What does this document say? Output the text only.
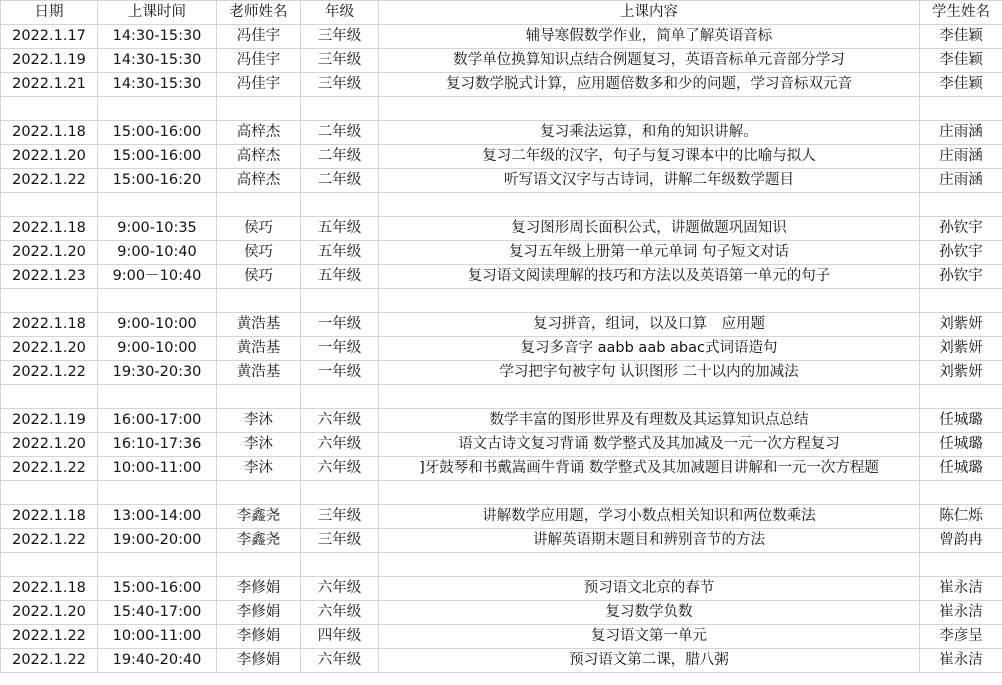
日期	上课时间	老师姓名	年级	上课内容	学生姓名
2022.1.17	14:30-15:30	冯佳宇	三年级	辅导寒假数学作业，简单了解英语音标	李佳颖
2022.1.19	14:30-15:30	冯佳宇	三年级	数学单位换算知识点结合例题复习，英语音标单元音部分学习	李佳颖
2022.1.21	14:30-15:30	冯佳宇	三年级	复习数学脱式计算，应用题倍数多和少的问题，学习音标双元音	李佳颖

2022.1.18	15:00-16:00	高梓杰	二年级	复习乘法运算，和角的知识讲解。	庄雨涵
2022.1.20	15:00-16:00	高梓杰	二年级	复习二年级的汉字，句子与复习课本中的比喻与拟人	庄雨涵
2022.1.22	15:00-16:20	高梓杰	二年级	听写语文汉字与古诗词，讲解二年级数学题目	庄雨涵

2022.1.18	9:00-10:35	侯巧	五年级	复习图形周长面积公式，讲题做题巩固知识	孙钦宇
2022.1.20	9:00-10:40	侯巧	五年级	复习五年级上册第一单元单词 句子短文对话	孙钦宇
2022.1.23	9:00－10:40	侯巧	五年级	复习语文阅读理解的技巧和方法以及英语第一单元的句子	孙钦宇

2022.1.18	9:00-10:00	黄浩基	一年级	复习拼音，组词，以及口算　应用题	刘紫妍
2022.1.20	9:00-10:00	黄浩基	一年级	复习多音字 aabb aab abac式词语造句	刘紫妍
2022.1.22	19:30-20:30	黄浩基	一年级	学习把字句被字句 认识图形 二十以内的加减法	刘紫妍

2022.1.19	16:00-17:00	李沐	六年级	数学丰富的图形世界及有理数及其运算知识点总结	任城璐
2022.1.20	16:10-17:36	李沐	六年级	语文古诗文复习背诵 数学整式及其加减及一元一次方程复习	任城璐
2022.1.22	10:00-11:00	李沐	六年级	]牙鼓琴和书戴嵩画牛背诵 数学整式及其加减题目讲解和一元一次方程题	任城璐

2022.1.18	13:00-14:00	李鑫尧	三年级	讲解数学应用题，学习小数点相关知识和两位数乘法	陈仁烁
2022.1.22	19:00-20:00	李鑫尧	三年级	讲解英语期末题目和辨别音节的方法	曾韵冉

2022.1.18	15:00-16:00	李修娟	六年级	预习语文北京的春节	崔永洁
2022.1.20	15:40-17:00	李修娟	六年级	复习数学负数	崔永洁
2022.1.22	10:00-11:00	李修娟	四年级	复习语文第一单元	李彦呈
2022.1.22	19:40-20:40	李修娟	六年级	预习语文第二课，腊八粥	崔永洁
